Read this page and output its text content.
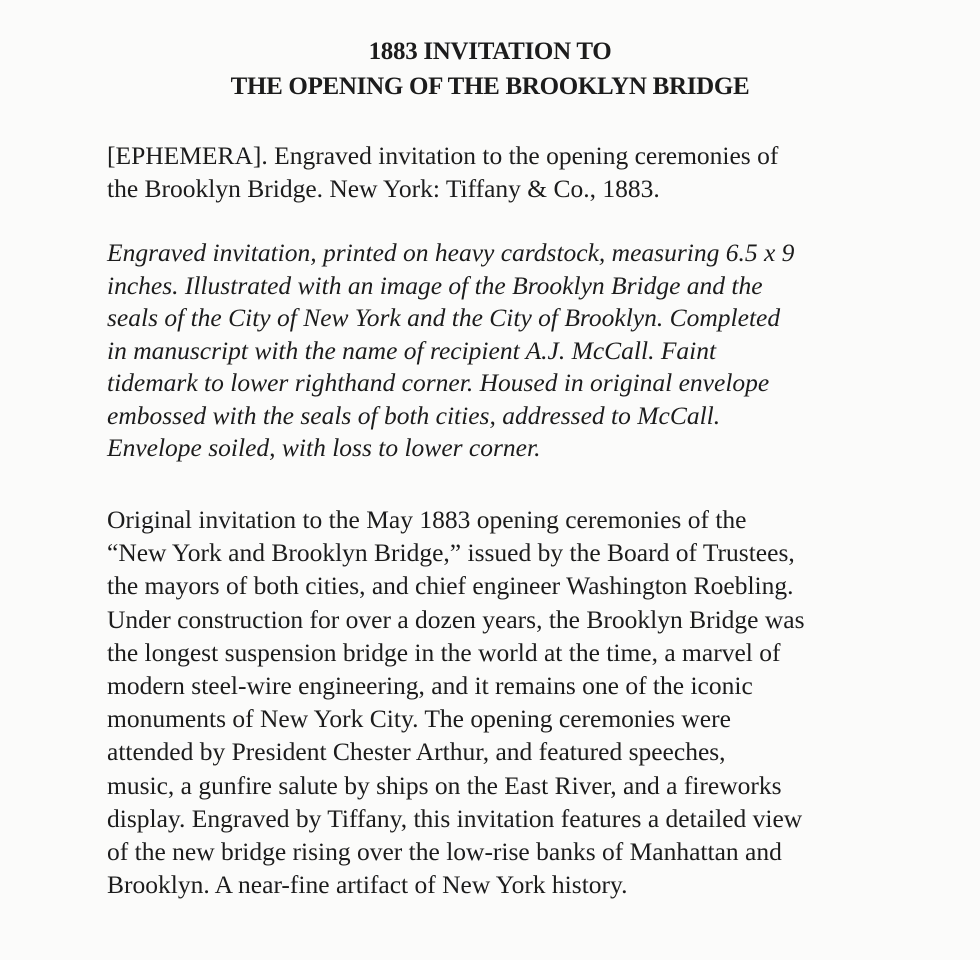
1883 INVITATION TO
THE OPENING OF THE BROOKLYN BRIDGE
[EPHEMERA]. Engraved invitation to the opening ceremonies of
the Brooklyn Bridge. New York: Tiffany & Co., 1883.
Engraved invitation, printed on heavy cardstock, measuring 6.5 x 9
inches. Illustrated with an image of the Brooklyn Bridge and the
seals of the City of New York and the City of Brooklyn. Completed
in manuscript with the name of recipient A.J. McCall. Faint
tidemark to lower righthand corner. Housed in original envelope
embossed with the seals of both cities, addressed to McCall.
Envelope soiled, with loss to lower corner.
Original invitation to the May 1883 opening ceremonies of the
“New York and Brooklyn Bridge,” issued by the Board of Trustees,
the mayors of both cities, and chief engineer Washington Roebling.
Under construction for over a dozen years, the Brooklyn Bridge was
the longest suspension bridge in the world at the time, a marvel of
modern steel-wire engineering, and it remains one of the iconic
monuments of New York City. The opening ceremonies were
attended by President Chester Arthur, and featured speeches,
music, a gunfire salute by ships on the East River, and a fireworks
display. Engraved by Tiffany, this invitation features a detailed view
of the new bridge rising over the low-rise banks of Manhattan and
Brooklyn. A near-fine artifact of New York history.
